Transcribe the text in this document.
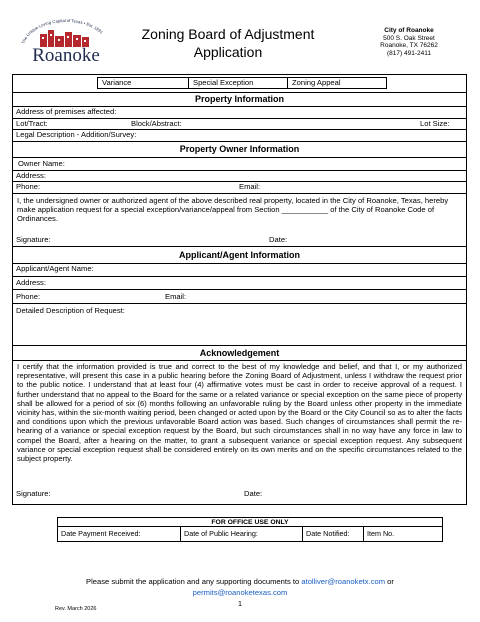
The Unique Loving Capital of Texas • Est. 1891
Roanoke
Zoning Board of Adjustment
Application
City of Roanoke
500 S. Oak Street
Roanoke, TX 76262
(817) 491-2411
Variance	Special Exception	Zoning Appeal
Property Information
Address of premises affected:
Lot/Tract:	Block/Abstract:	Lot Size:
Legal Description - Addition/Survey:
Property Owner Information
Owner Name:
Address:
Phone:	Email:
I, the undersigned owner or authorized agent of the above described real property, located in the City of Roanoke, Texas, hereby make application request for a special exception/variance/appeal from Section ___________ of the City of Roanoke Code of Ordinances.
Signature:	Date:
Applicant/Agent Information
Applicant/Agent Name:
Address:
Phone:	Email:
Detailed Description of Request:
Acknowledgement
I certify that the information provided is true and correct to the best of my knowledge and belief, and that I, or my authorized representative, will present this case in a public hearing before the Zoning Board of Adjustment, unless I withdraw the request prior to the public notice. I understand that at least four (4) affirmative votes must be cast in order to receive approval of a request. I further understand that no appeal to the Board for the same or a related variance or special exception on the same piece of property shall be allowed for a period of six (6) months following an unfavorable ruling by the Board unless other property in the immediate vicinity has, within the six-month waiting period, been changed or acted upon by the Board or the City Council so as to alter the facts and conditions upon which the previous unfavorable Board action was based. Such changes of circumstances shall permit the re-hearing of a variance or special exception request by the Board, but such circumstances shall in no way have any force in law to compel the Board, after a hearing on the matter, to grant a subsequent variance or special exception request. Any subsequent variance or special exception request shall be considered entirely on its own merits and on the specific circumstances related to the subject property.
Signature:	Date:
FOR OFFICE USE ONLY
Date Payment Received:	Date of Public Hearing:	Date Notified:	Item No.
Please submit the application and any supporting documents to atolliver@roanoketx.com or
permits@roanoketexas.com
1
Rev. March 2026
